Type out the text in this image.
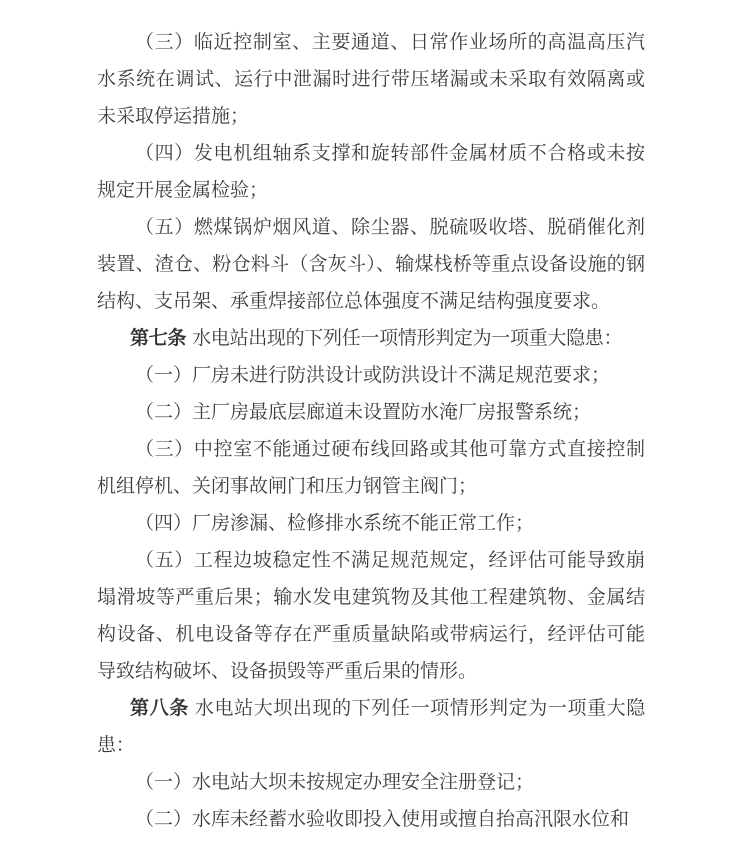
（三）临近控制室、主要通道、日常作业场所的高温高压汽水系统在调试、运行中泄漏时进行带压堵漏或未采取有效隔离或未采取停运措施；

（四）发电机组轴系支撑和旋转部件金属材质不合格或未按规定开展金属检验；

（五）燃煤锅炉烟风道、除尘器、脱硫吸收塔、脱硝催化剂装置、渣仓、粉仓料斗（含灰斗）、输煤栈桥等重点设备设施的钢结构、支吊架、承重焊接部位总体强度不满足结构强度要求。

第七条 水电站出现的下列任一项情形判定为一项重大隐患：

（一）厂房未进行防洪设计或防洪设计不满足规范要求；

（二）主厂房最底层廊道未设置防水淹厂房报警系统；

（三）中控室不能通过硬布线回路或其他可靠方式直接控制机组停机、关闭事故闸门和压力钢管主阀门；

（四）厂房渗漏、检修排水系统不能正常工作；

（五）工程边坡稳定性不满足规范规定，经评估可能导致崩塌滑坡等严重后果；输水发电建筑物及其他工程建筑物、金属结构设备、机电设备等存在严重质量缺陷或带病运行，经评估可能导致结构破坏、设备损毁等严重后果的情形。

第八条 水电站大坝出现的下列任一项情形判定为一项重大隐患：

（一）水电站大坝未按规定办理安全注册登记；

（二）水库未经蓄水验收即投入使用或擅自抬高汛限水位和
